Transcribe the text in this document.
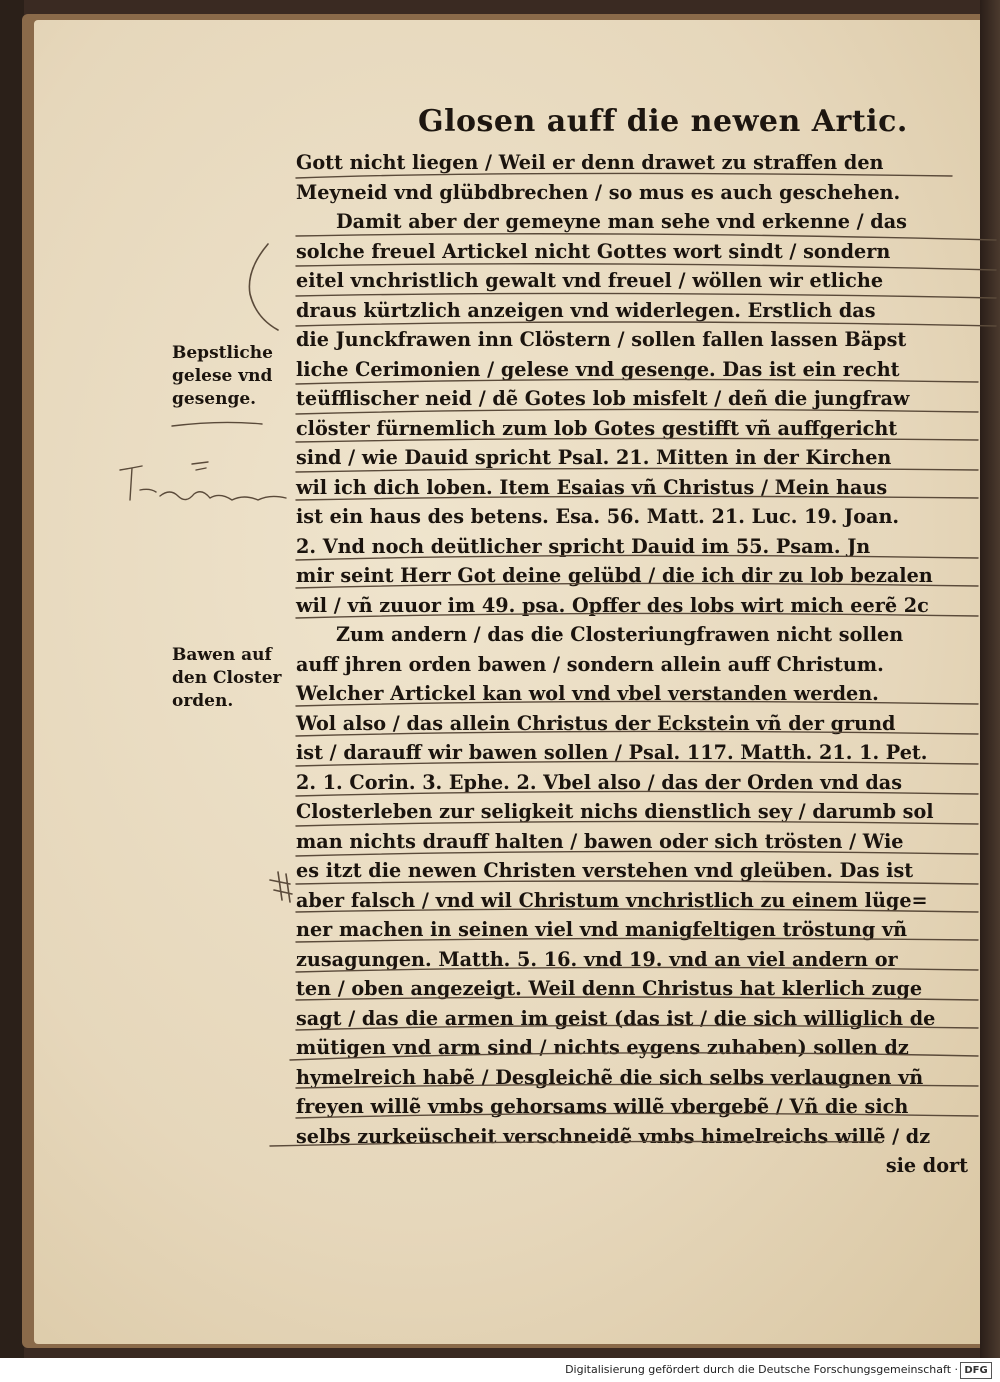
Glosen auff die newen Artic.
Gott nicht liegen / Weil er denn drawet zu straffen den
Meyneid vnd glübdbrechen / so mus es auch geschehen.
Damit aber der gemeyne man sehe vnd erkenne / das
solche freuel Artickel nicht Gottes wort sindt / sondern
eitel vnchristlich gewalt vnd freuel / wöllen wir etliche
draus kürtzlich anzeigen vnd widerlegen. Erstlich das
die Junckfrawen inn Clöstern / sollen fallen lassen Bäpst
liche Cerimonien / gelese vnd gesenge. Das ist ein recht
teüfflischer neid / dẽ Gotes lob misfelt / deñ die jungfraw
clöster fürnemlich zum lob Gotes gestifft vñ auffgericht
sind / wie Dauid spricht Psal. 21. Mitten in der Kirchen
wil ich dich loben. Item Esaias vñ Christus / Mein haus
ist ein haus des betens. Esa. 56. Matt. 21. Luc. 19. Joan.
2. Vnd noch deütlicher spricht Dauid im 55. Psam. Jn
mir seint Herr Got deine gelübd / die ich dir zu lob bezalen
wil / vñ zuuor im 49. psa. Opffer des lobs wirt mich eerẽ 2c
Zum andern / das die Closteriungfrawen nicht sollen
auff jhren orden bawen / sondern allein auff Christum.
Welcher Artickel kan wol vnd vbel verstanden werden.
Wol also / das allein Christus der Eckstein vñ der grund
ist / darauff wir bawen sollen / Psal. 117. Matth. 21. 1. Pet.
2. 1. Corin. 3. Ephe. 2. Vbel also / das der Orden vnd das
Closterleben zur seligkeit nichs dienstlich sey / darumb sol
man nichts drauff halten / bawen oder sich trösten / Wie
es itzt die newen Christen verstehen vnd gleüben. Das ist
aber falsch / vnd wil Christum vnchristlich zu einem lüge=
ner machen in seinen viel vnd manigfeltigen tröstung vñ
zusagungen. Matth. 5. 16. vnd 19. vnd an viel andern or
ten / oben angezeigt. Weil denn Christus hat klerlich zuge
sagt / das die armen im geist (das ist / die sich williglich de
mütigen vnd arm sind / nichts eygens zuhaben) sollen dz
hymelreich habẽ / Desgleichẽ die sich selbs verlaugnen vñ
freyen willẽ vmbs gehorsams willẽ vbergebẽ / Vñ die sich
selbs zurkeüscheit verschneidẽ vmbs himelreichs willẽ / dz
sie dort
Bepstliche
gelese vnd
gesenge.
Bawen auf
den Closter
orden.
Digitalisierung gefördert durch die Deutsche Forschungsgemeinschaft · DFG
